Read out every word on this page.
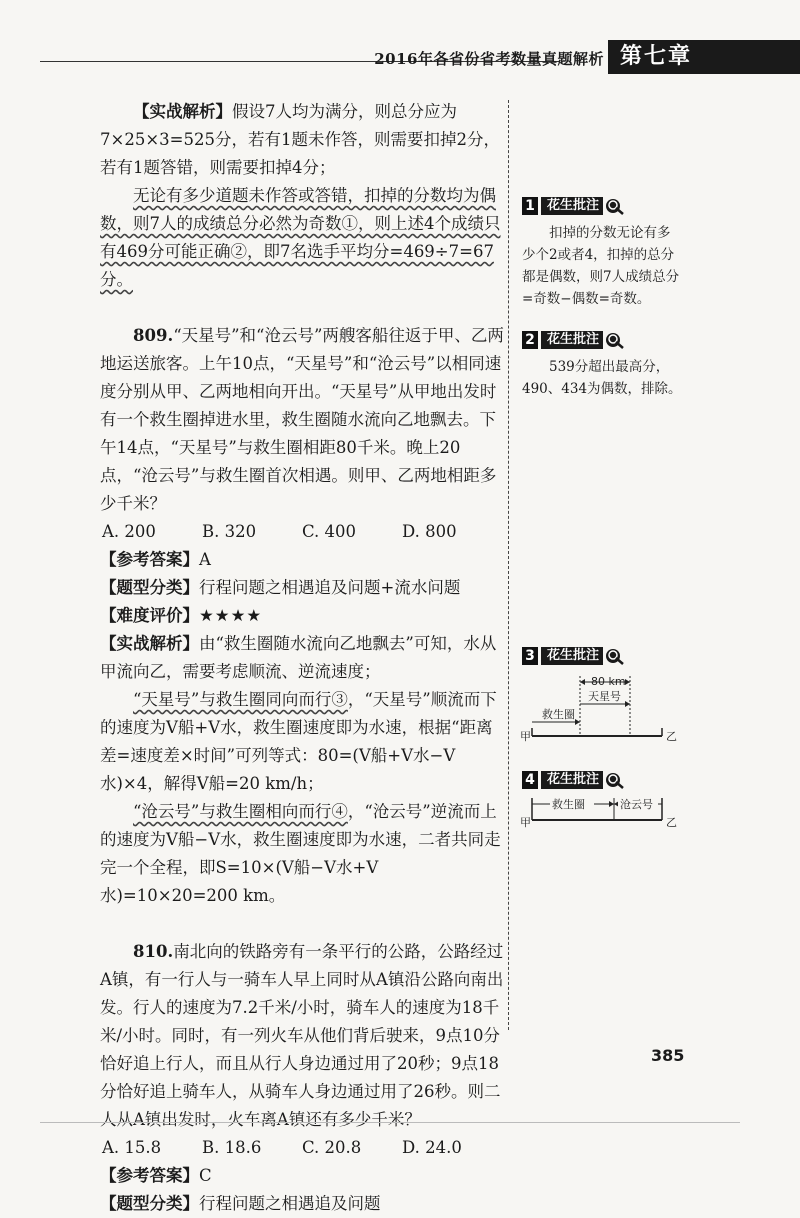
2016年各省份省考数量真题解析 第七章

【实战解析】假设7人均为满分，则总分应为7×25×3=525分，若有1题未作答，则需要扣掉2分，若有1题答错，则需要扣掉4分；

无论有多少道题未作答或答错，扣掉的分数均为偶数，则7人的成绩总分必然为奇数①，则上述4个成绩只有469分可能正确②，即7名选手平均分=469÷7=67分。

809.“天星号”和“沧云号”两艘客船往返于甲、乙两地运送旅客。上午10点，“天星号”和“沧云号”以相同速度分别从甲、乙两地相向开出。“天星号”从甲地出发时有一个救生圈掉进水里，救生圈随水流向乙地飘去。下午14点，“天星号”与救生圈相距80千米。晚上20点，“沧云号”与救生圈首次相遇。则甲、乙两地相距多少千米？

A. 200	B. 320	C. 400	D. 800

【参考答案】A

【题型分类】行程问题之相遇追及问题+流水问题

【难度评价】★★★★

【实战解析】由“救生圈随水流向乙地飘去”可知，水从甲流向乙，需要考虑顺流、逆流速度；

“天星号”与救生圈同向而行③，“天星号”顺流而下的速度为V船+V水，救生圈速度即为水速，根据“距离差=速度差×时间”可列等式：80=(V船+V水−V水)×4，解得V船=20 km/h；

“沧云号”与救生圈相向而行④，“沧云号”逆流而上的速度为V船−V水，救生圈速度即为水速，二者共同走完一个全程，即S=10×(V船−V水+V水)=10×20=200 km。

810.南北向的铁路旁有一条平行的公路，公路经过A镇，有一行人与一骑车人早上同时从A镇沿公路向南出发。行人的速度为7.2千米/小时，骑车人的速度为18千米/小时。同时，有一列火车从他们背后驶来，9点10分恰好追上行人，而且从行人身边通过用了20秒；9点18分恰好追上骑车人，从骑车人身边通过用了26秒。则二人从A镇出发时，火车离A镇还有多少千米？

A. 15.8	B. 18.6	C. 20.8	D. 24.0

【参考答案】C

【题型分类】行程问题之相遇追及问题

1 花生批注

扣掉的分数无论有多少个2或者4，扣掉的总分都是偶数，则7人成绩总分=奇数−偶数=奇数。

2 花生批注

539分超出最高分，490、434为偶数，排除。

3 花生批注
80 km
天星号
救生圈
甲	乙
4 花生批注
救生圈	沧云号
甲	乙
385
